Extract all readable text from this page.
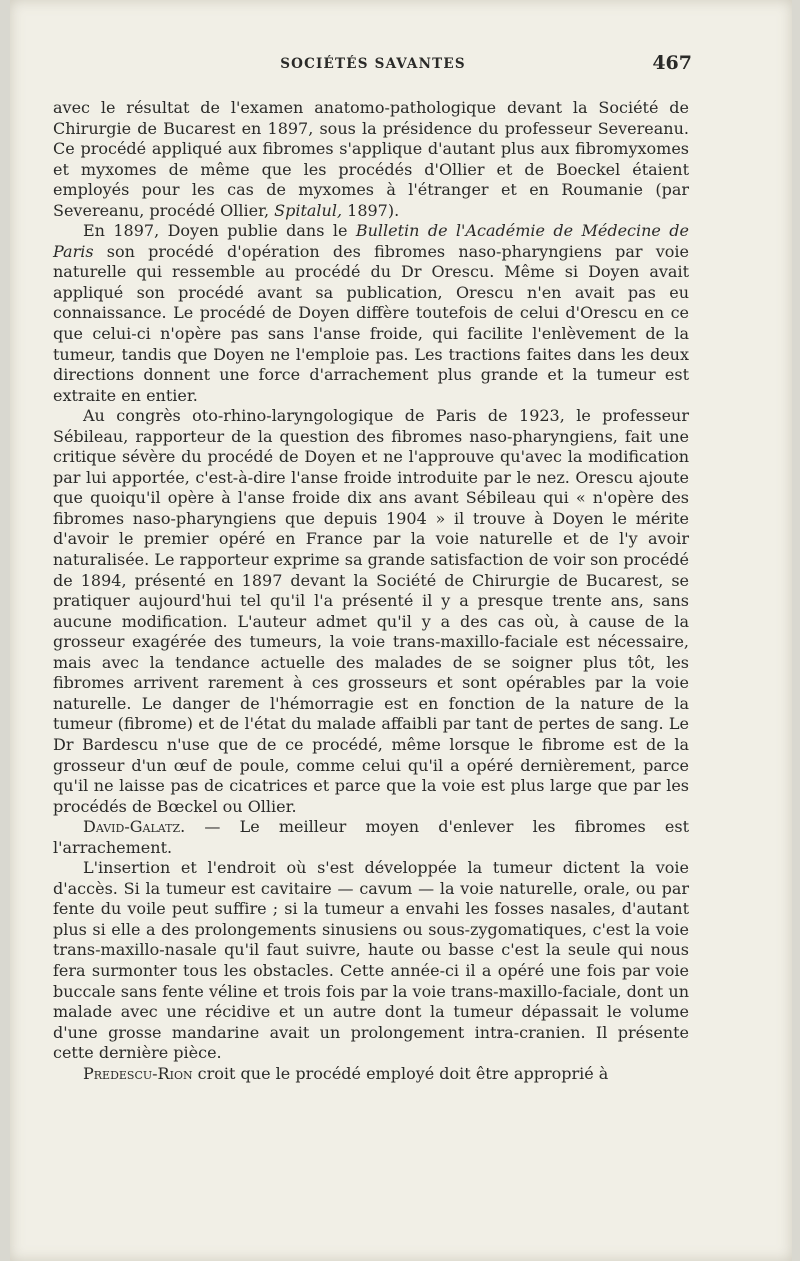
SOCIÉTÉS SAVANTES	467

avec le résultat de l'examen anatomo-pathologique devant la Société de Chirurgie de Bucarest en 1897, sous la présidence du professeur Severeanu. Ce procédé appliqué aux fibromes s'applique d'autant plus aux fibromyxomes et myxomes de même que les procédés d'Ollier et de Boeckel étaient employés pour les cas de myxomes à l'étranger et en Roumanie (par Severeanu, procédé Ollier, Spitalul, 1897).

En 1897, Doyen publie dans le Bulletin de l'Académie de Médecine de Paris son procédé d'opération des fibromes naso-pharyngiens par voie naturelle qui ressemble au procédé du Dr Orescu. Même si Doyen avait appliqué son procédé avant sa publication, Orescu n'en avait pas eu connaissance. Le procédé de Doyen diffère toutefois de celui d'Orescu en ce que celui-ci n'opère pas sans l'anse froide, qui facilite l'enlèvement de la tumeur, tandis que Doyen ne l'emploie pas. Les tractions faites dans les deux directions donnent une force d'arrachement plus grande et la tumeur est extraite en entier.

Au congrès oto-rhino-laryngologique de Paris de 1923, le professeur Sébileau, rapporteur de la question des fibromes naso-pharyngiens, fait une critique sévère du procédé de Doyen et ne l'approuve qu'avec la modification par lui apportée, c'est-à-dire l'anse froide introduite par le nez. Orescu ajoute que quoiqu'il opère à l'anse froide dix ans avant Sébileau qui « n'opère des fibromes naso-pharyngiens que depuis 1904 » il trouve à Doyen le mérite d'avoir le premier opéré en France par la voie naturelle et de l'y avoir naturalisée. Le rapporteur exprime sa grande satisfaction de voir son procédé de 1894, présenté en 1897 devant la Société de Chirurgie de Bucarest, se pratiquer aujourd'hui tel qu'il l'a présenté il y a presque trente ans, sans aucune modification. L'auteur admet qu'il y a des cas où, à cause de la grosseur exagérée des tumeurs, la voie trans-maxillo-faciale est nécessaire, mais avec la tendance actuelle des malades de se soigner plus tôt, les fibromes arrivent rarement à ces grosseurs et sont opérables par la voie naturelle. Le danger de l'hémorragie est en fonction de la nature de la tumeur (fibrome) et de l'état du malade affaibli par tant de pertes de sang. Le Dr Bardescu n'use que de ce procédé, même lorsque le fibrome est de la grosseur d'un œuf de poule, comme celui qu'il a opéré dernièrement, parce qu'il ne laisse pas de cicatrices et parce que la voie est plus large que par les procédés de Bœckel ou Ollier.

David-Galatz. — Le meilleur moyen d'enlever les fibromes est l'arrachement.

L'insertion et l'endroit où s'est développée la tumeur dictent la voie d'accès. Si la tumeur est cavitaire — cavum — la voie naturelle, orale, ou par fente du voile peut suffire ; si la tumeur a envahi les fosses nasales, d'autant plus si elle a des prolongements sinusiens ou sous-zygomatiques, c'est la voie trans-maxillo-nasale qu'il faut suivre, haute ou basse c'est la seule qui nous fera surmonter tous les obstacles. Cette année-ci il a opéré une fois par voie buccale sans fente véline et trois fois par la voie trans-maxillo-faciale, dont un malade avec une récidive et un autre dont la tumeur dépassait le volume d'une grosse mandarine avait un prolongement intra-cranien. Il présente cette dernière pièce.

Predescu-Rion croit que le procédé employé doit être approprié à
